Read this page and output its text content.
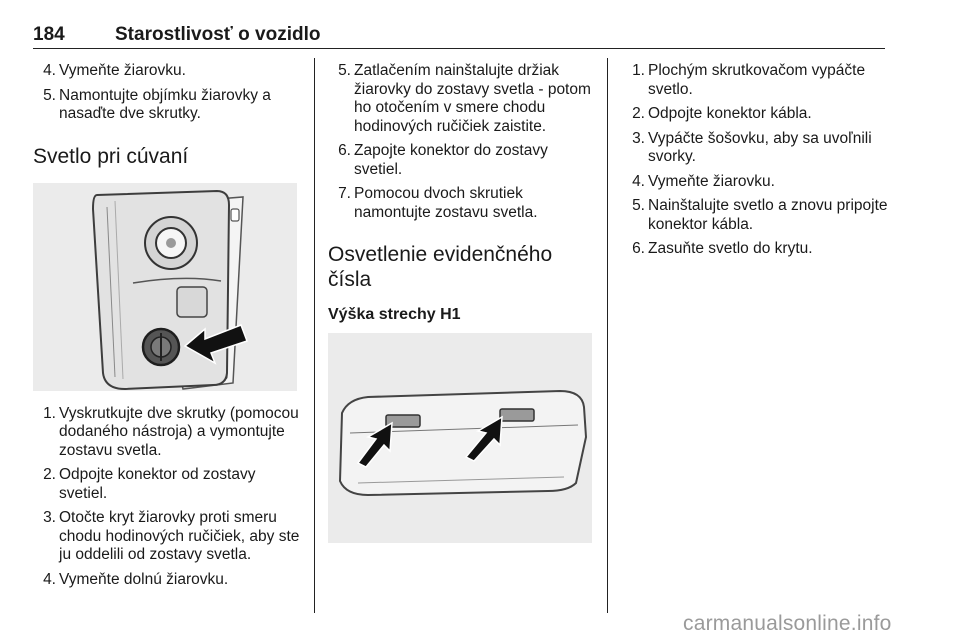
184	Starostlivosť o vozidlo
4. Vymeňte žiarovku.
5. Namontujte objímku žiarovky a nasaďte dve skrutky.
Svetlo pri cúvaní
1. Vyskrutkujte dve skrutky (pomocou dodaného nástroja) a vymontujte zostavu svetla.
2. Odpojte konektor od zostavy svetiel.
3. Otočte kryt žiarovky proti smeru chodu hodinových ručičiek, aby ste ju oddelili od zostavy svetla.
4. Vymeňte dolnú žiarovku.
5. Zatlačením nainštalujte držiak žiarovky do zostavy svetla - potom ho otočením v smere chodu hodinových ručičiek zaistite.
6. Zapojte konektor do zostavy svetiel.
7. Pomocou dvoch skrutiek namontujte zostavu svetla.
Osvetlenie evidenčného čísla
Výška strechy H1
1. Plochým skrutkovačom vypáčte svetlo.
2. Odpojte konektor kábla.
3. Vypáčte šošovku, aby sa uvoľnili svorky.
4. Vymeňte žiarovku.
5. Nainštalujte svetlo a znovu pripojte konektor kábla.
6. Zasuňte svetlo do krytu.
carmanualsonline.info
